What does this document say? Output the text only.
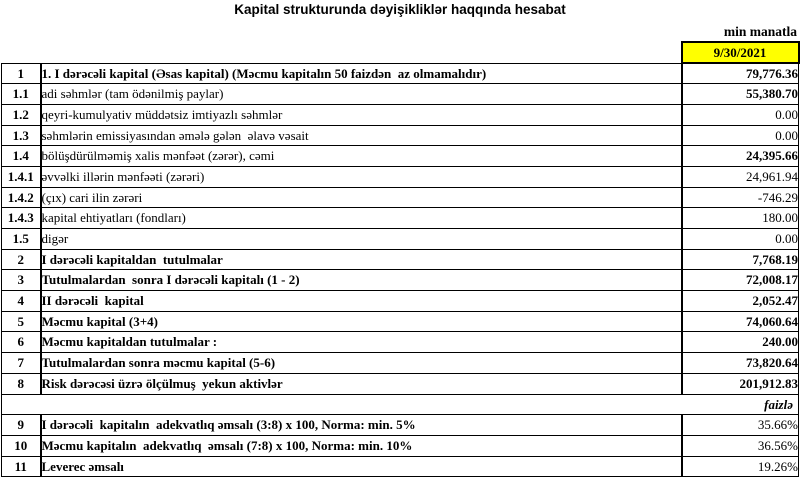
Kapital strukturunda dəyişikliklər haqqında hesabat
min manatla
		9/30/2021
1	1. I dərəcəli kapital (Əsas kapital) (Məcmu kapitalın 50 faizdən  az olmamalıdır)	79,776.36
1.1	adi səhmlər (tam ödənilmiş paylar)	55,380.70
1.2	qeyri-kumulyativ müddətsiz imtiyazlı səhmlər	0.00
1.3	səhmlərin emissiyasından əmələ gələn  əlavə vəsait	0.00
1.4	bölüşdürülməmiş xalis mənfəət (zərər), cəmi	24,395.66
1.4.1	əvvəlki illərin mənfəəti (zərəri)	24,961.94
1.4.2	(çıx) cari ilin zərəri	-746.29
1.4.3	kapital ehtiyatları (fondları)	180.00
1.5	digər	0.00
2	I dərəcəli kapitaldan  tutulmalar	7,768.19
3	Tutulmalardan  sonra I dərəcəli kapitalı (1 - 2)	72,008.17
4	II dərəcəli  kapital	2,052.47
5	Məcmu kapital (3+4)	74,060.64
6	Məcmu kapitaldan tutulmalar :	240.00
7	Tutulmalardan sonra məcmu kapital (5-6)	73,820.64
8	Risk dərəcəsi üzrə ölçülmuş  yekun aktivlər	201,912.83
faizlə		
9	I dərəcəli  kapitalın  adekvatlıq əmsalı (3:8) x 100, Norma: min. 5%	35.66%
10	Məcmu kapitalın  adekvatlıq  əmsalı (7:8) x 100, Norma: min. 10%	36.56%
11	Leverec əmsalı	19.26%
